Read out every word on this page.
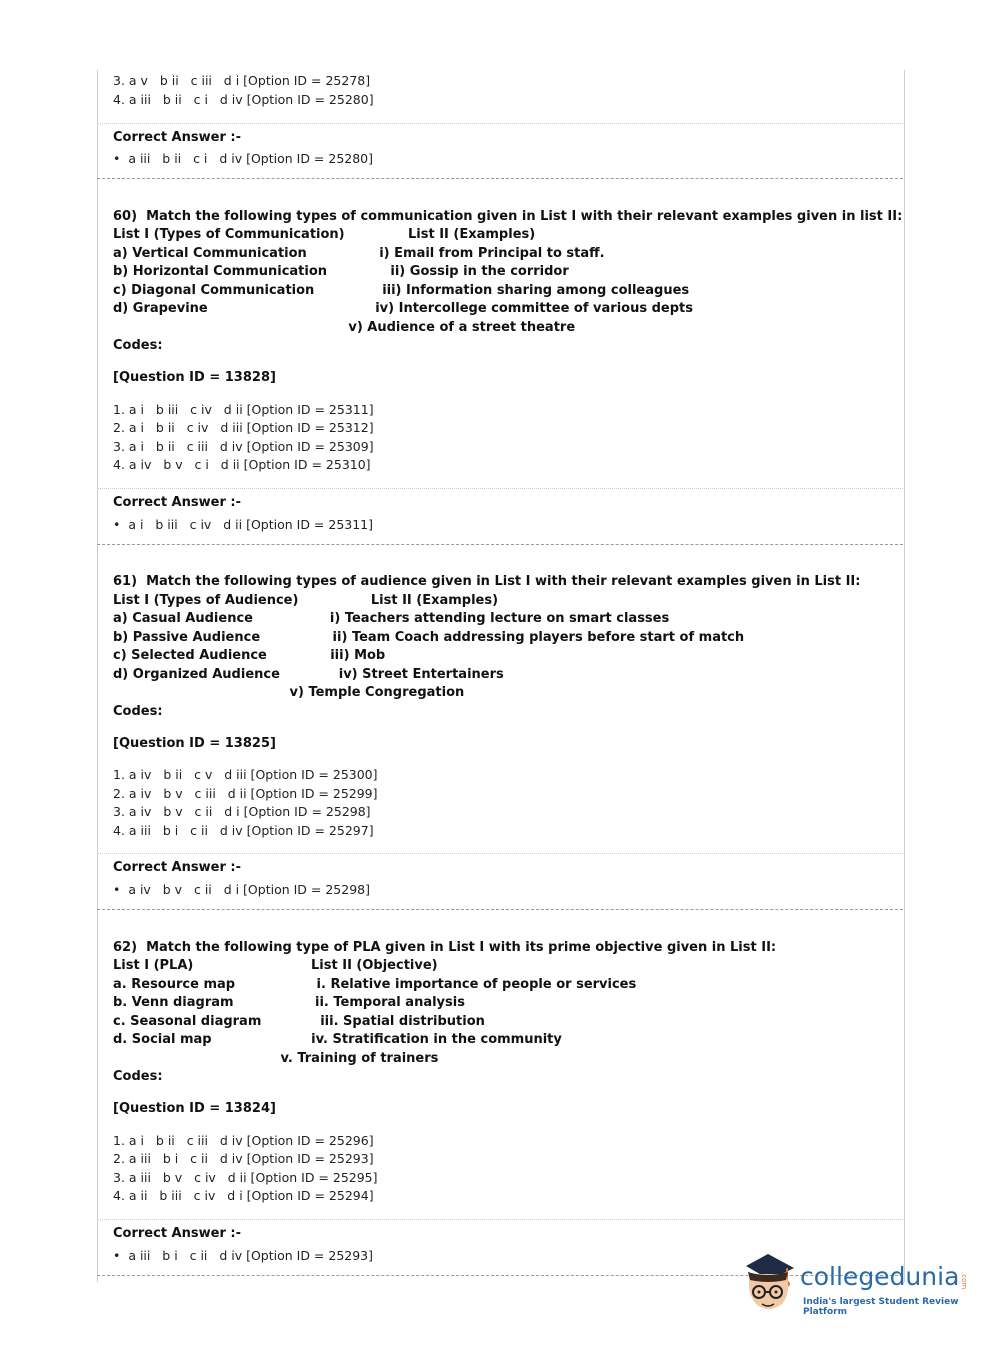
3. a v   b ii   c iii   d i [Option ID = 25278]
4. a iii   b ii   c i   d iv [Option ID = 25280]
Correct Answer :-
•  a iii   b ii   c i   d iv [Option ID = 25280]
60)  Match the following types of communication given in List I with their relevant examples given in list II:
List I (Types of Communication)              List II (Examples)
a) Vertical Communication                i) Email from Principal to staff.
b) Horizontal Communication              ii) Gossip in the corridor
c) Diagonal Communication               iii) Information sharing among colleagues
d) Grapevine                                     iv) Intercollege committee of various depts
v) Audience of a street theatre
Codes:
[Question ID = 13828]
1. a i   b iii   c iv   d ii [Option ID = 25311]
2. a i   b ii   c iv   d iii [Option ID = 25312]
3. a i   b ii   c iii   d iv [Option ID = 25309]
4. a iv   b v   c i   d ii [Option ID = 25310]
Correct Answer :-
•  a i   b iii   c iv   d ii [Option ID = 25311]
61)  Match the following types of audience given in List I with their relevant examples given in List II:
List I (Types of Audience)                List II (Examples)
a) Casual Audience                 i) Teachers attending lecture on smart classes
b) Passive Audience                ii) Team Coach addressing players before start of match
c) Selected Audience              iii) Mob
d) Organized Audience             iv) Street Entertainers
v) Temple Congregation
Codes:
[Question ID = 13825]
1. a iv   b ii   c v   d iii [Option ID = 25300]
2. a iv   b v   c iii   d ii [Option ID = 25299]
3. a iv   b v   c ii   d i [Option ID = 25298]
4. a iii   b i   c ii   d iv [Option ID = 25297]
Correct Answer :-
•  a iv   b v   c ii   d i [Option ID = 25298]
62)  Match the following type of PLA given in List I with its prime objective given in List II:
List I (PLA)                          List II (Objective)
a. Resource map                  i. Relative importance of people or services
b. Venn diagram                  ii. Temporal analysis
c. Seasonal diagram             iii. Spatial distribution
d. Social map                      iv. Stratification in the community
v. Training of trainers
Codes:
[Question ID = 13824]
1. a i   b ii   c iii   d iv [Option ID = 25296]
2. a iii   b i   c ii   d iv [Option ID = 25293]
3. a iii   b v   c iv   d ii [Option ID = 25295]
4. a ii   b iii   c iv   d i [Option ID = 25294]
Correct Answer :-
•  a iii   b i   c ii   d iv [Option ID = 25293]
collegedunia .com
India's largest Student Review Platform
